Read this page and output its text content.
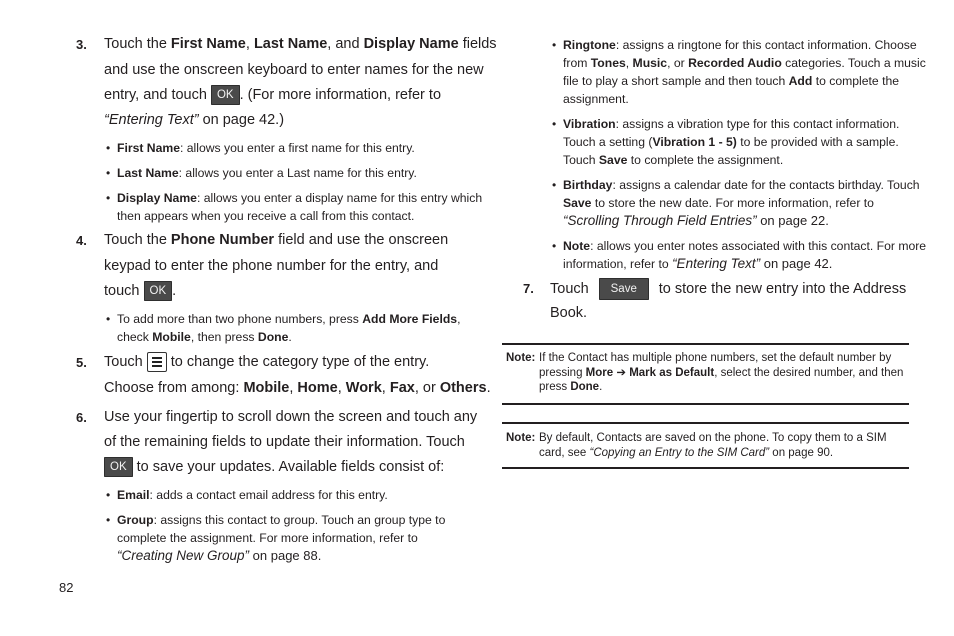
3. Touch the First Name, Last Name, and Display Name fields
and use the onscreen keyboard to enter names for the new
entry, and touch OK . (For more information, refer to
“Entering Text” on page 42.)
• First Name: allows you enter a first name for this entry.
• Last Name: allows you enter a Last name for this entry.
• Display Name: allows you enter a display name for this entry which
then appears when you receive a call from this contact.
4. Touch the Phone Number field and use the onscreen
keypad to enter the phone number for the entry, and
touch OK .
• To add more than two phone numbers, press Add More Fields,
check Mobile, then press Done.
5. Touch
to change the category type of the entry.
Choose from among: Mobile, Home, Work, Fax, or Others.
6. Use your fingertip to scroll down the screen and touch any
of the remaining fields to update their information. Touch
OK to save your updates. Available fields consist of:
• Email: adds a contact email address for this entry.
• Group: assigns this contact to group. Touch an group type to
complete the assignment. For more information, refer to
“Creating New Group” on page 88.
82
• Ringtone: assigns a ringtone for this contact information. Choose
from Tones, Music, or Recorded Audio categories. Touch a music
file to play a short sample and then touch Add to complete the
assignment.
• Vibration: assigns a vibration type for this contact information.
Touch a setting (Vibration 1 - 5) to be provided with a sample.
Touch Save to complete the assignment.
• Birthday: assigns a calendar date for the contacts birthday. Touch
Save to store the new date. For more information, refer to
“Scrolling Through Field Entries” on page 22.
• Note: allows you enter notes associated with this contact. For more
information, refer to “Entering Text” on page 42.
7. Touch Save to store the new entry into the Address
Book.
Note: If the Contact has multiple phone numbers, set the default number by
pressing More ➔ Mark as Default, select the desired number, and then
press Done.
Note: By default, Contacts are saved on the phone. To copy them to a SIM
card, see “Copying an Entry to the SIM Card” on page 90.
